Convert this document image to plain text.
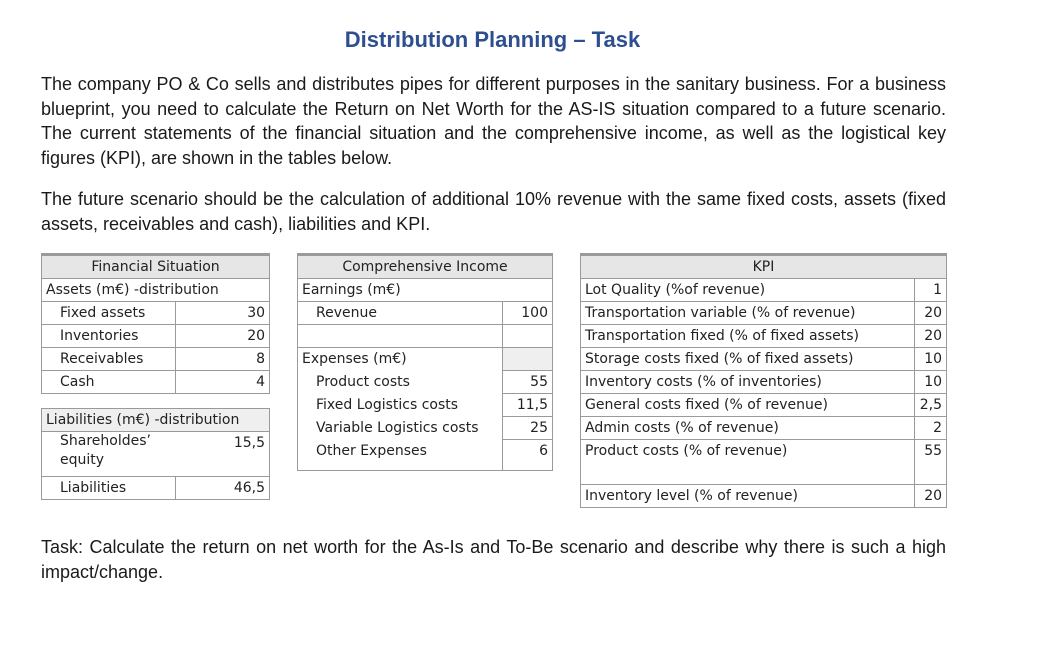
Distribution Planning – Task

The company PO & Co sells and distributes pipes for different purposes in the sanitary business. For a business blueprint, you need to calculate the Return on Net Worth for the AS-IS situation compared to a future scenario. The current statements of the financial situation and the comprehensive income, as well as the logistical key figures (KPI), are shown in the tables below.

The future scenario should be the calculation of additional 10% revenue with the same fixed costs, assets (fixed assets, receivables and cash), liabilities and KPI.

Financial Situation	
Assets (m€) -distribution	
Fixed assets	30
Inventories	20
Receivables	8
Cash	4

Liabilities (m€) -distribution	
Shareholdes’ equity	15,5
Liabilities	46,5
Comprehensive Income	
Earnings (m€)	
Revenue	100

Expenses (m€)	
Product costs	55
Fixed Logistics costs	11,5
Variable Logistics costs	25
Other Expenses	6

KPI	
Lot Quality (%of revenue)	1
Transportation variable (% of revenue)	20
Transportation fixed (% of fixed assets)	20
Storage costs fixed (% of fixed assets)	10
Inventory costs (% of inventories)	10
General costs fixed (% of revenue)	2,5
Admin costs (% of revenue)	2
Product costs (% of revenue)	55

Inventory level (% of revenue)	20

Task: Calculate the return on net worth for the As-Is and To-Be scenario and describe why there is such a high impact/change.
